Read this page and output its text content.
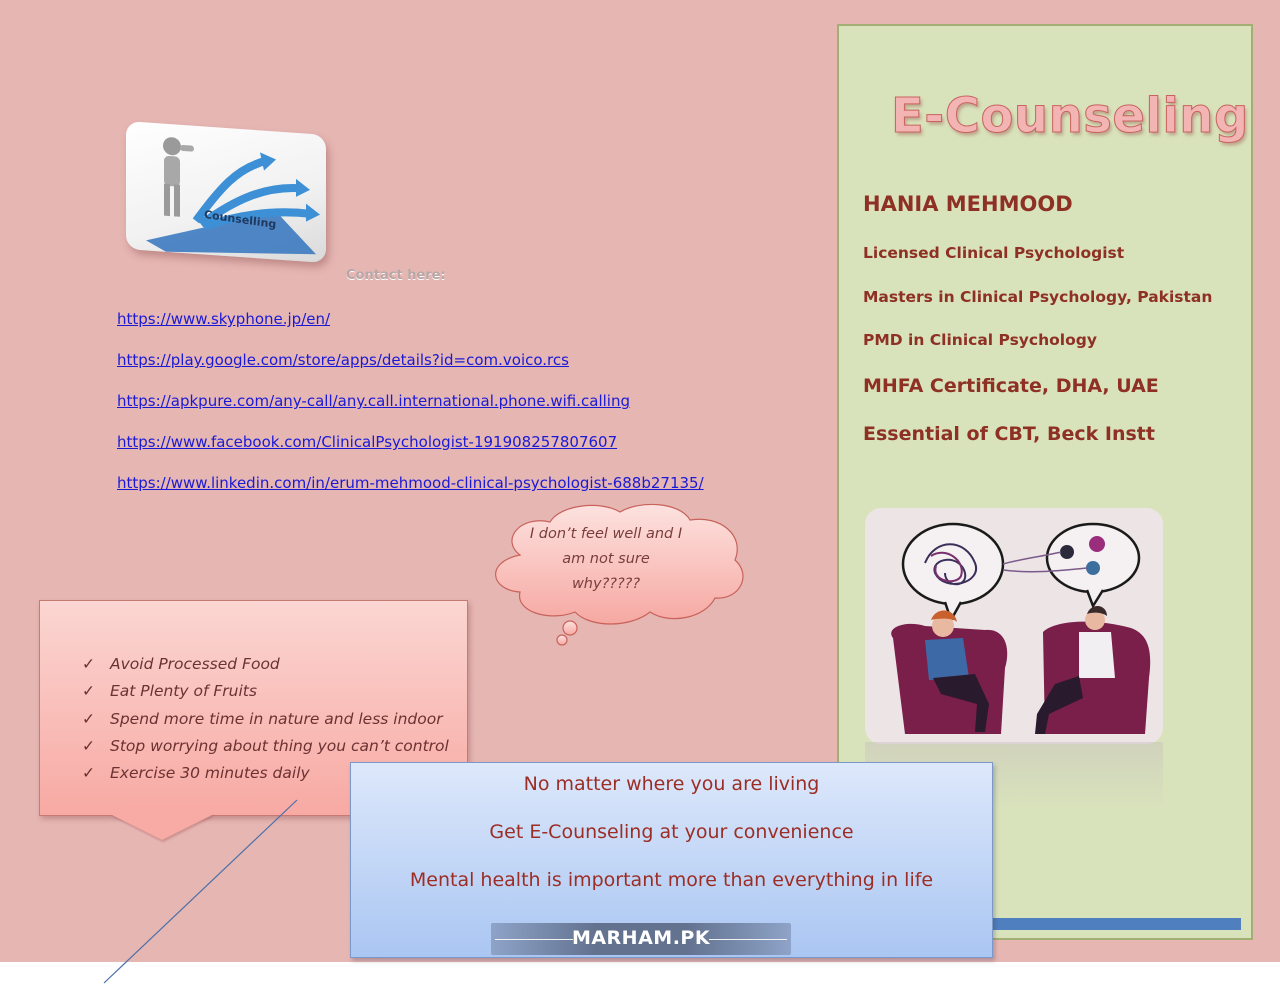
Counselling
Contact here:
https://www.skyphone.jp/en/
https://play.google.com/store/apps/details?id=com.voico.rcs
https://apkpure.com/any-call/any.call.international.phone.wifi.calling
https://www.facebook.com/ClinicalPsychologist-191908257807607
https://www.linkedin.com/in/erum-mehmood-clinical-psychologist-688b27135/
I don’t feel well and I
am not sure
why?????
✓ Avoid Processed Food
✓ Eat Plenty of Fruits
✓ Spend more time in nature and less indoor
✓ Stop worrying about thing you can’t control
✓ Exercise 30 minutes daily
E-Counseling
HANIA MEHMOOD
Licensed Clinical Psychologist
Masters in Clinical Psychology, Pakistan
PMD in Clinical Psychology
MHFA Certificate, DHA, UAE
Essential of CBT, Beck Instt
No matter where you are living
Get E-Counseling at your convenience
Mental health is important more than everything in life
MARHAM.PK
